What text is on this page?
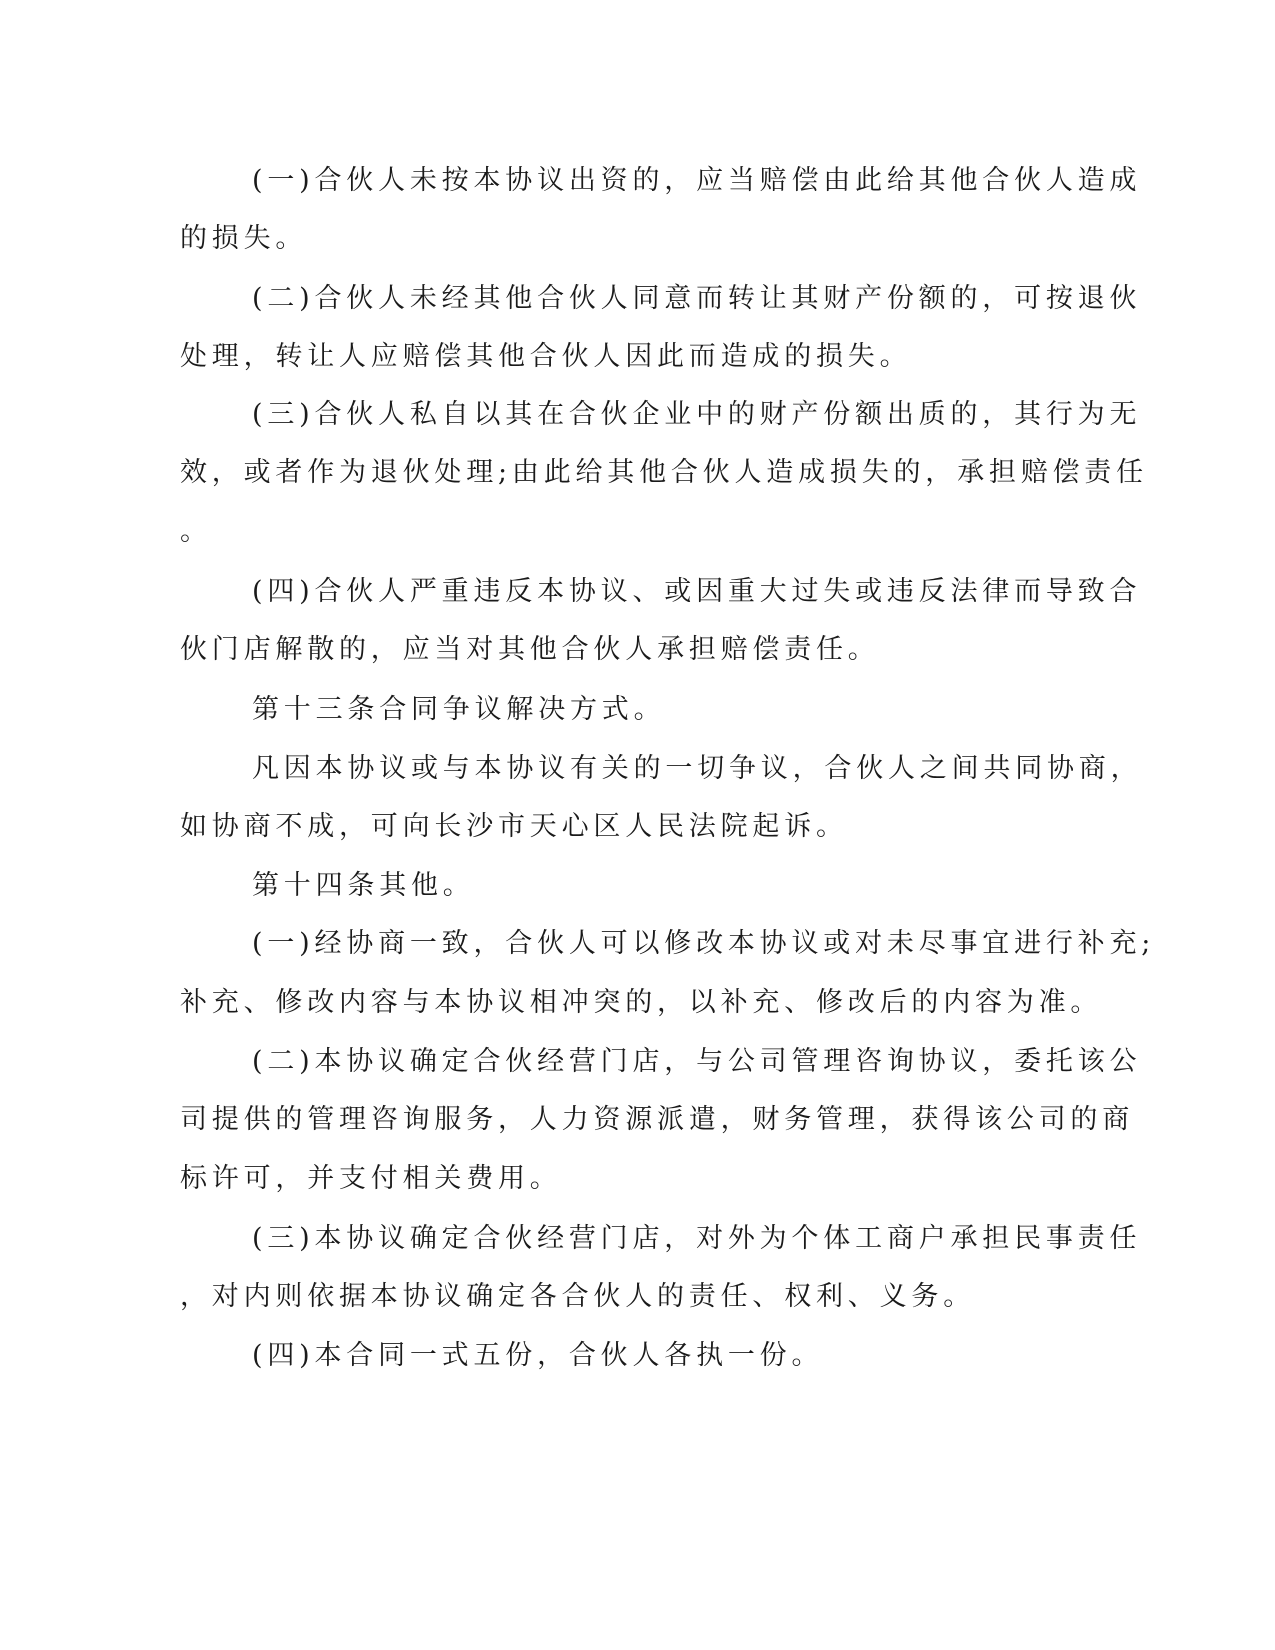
(一)合伙人未按本协议出资的，应当赔偿由此给其他合伙人造成
的损失。
(二)合伙人未经其他合伙人同意而转让其财产份额的，可按退伙
处理，转让人应赔偿其他合伙人因此而造成的损失。
(三)合伙人私自以其在合伙企业中的财产份额出质的，其行为无
效，或者作为退伙处理;由此给其他合伙人造成损失的，承担赔偿责任
。
(四)合伙人严重违反本协议、或因重大过失或违反法律而导致合
伙门店解散的，应当对其他合伙人承担赔偿责任。
第十三条合同争议解决方式。
凡因本协议或与本协议有关的一切争议，合伙人之间共同协商，
如协商不成，可向长沙市天心区人民法院起诉。
第十四条其他。
(一)经协商一致，合伙人可以修改本协议或对未尽事宜进行补充;
补充、修改内容与本协议相冲突的，以补充、修改后的内容为准。
(二)本协议确定合伙经营门店，与公司管理咨询协议，委托该公
司提供的管理咨询服务，人力资源派遣，财务管理，获得该公司的商
标许可，并支付相关费用。
(三)本协议确定合伙经营门店，对外为个体工商户承担民事责任
，对内则依据本协议确定各合伙人的责任、权利、义务。
(四)本合同一式五份，合伙人各执一份。
